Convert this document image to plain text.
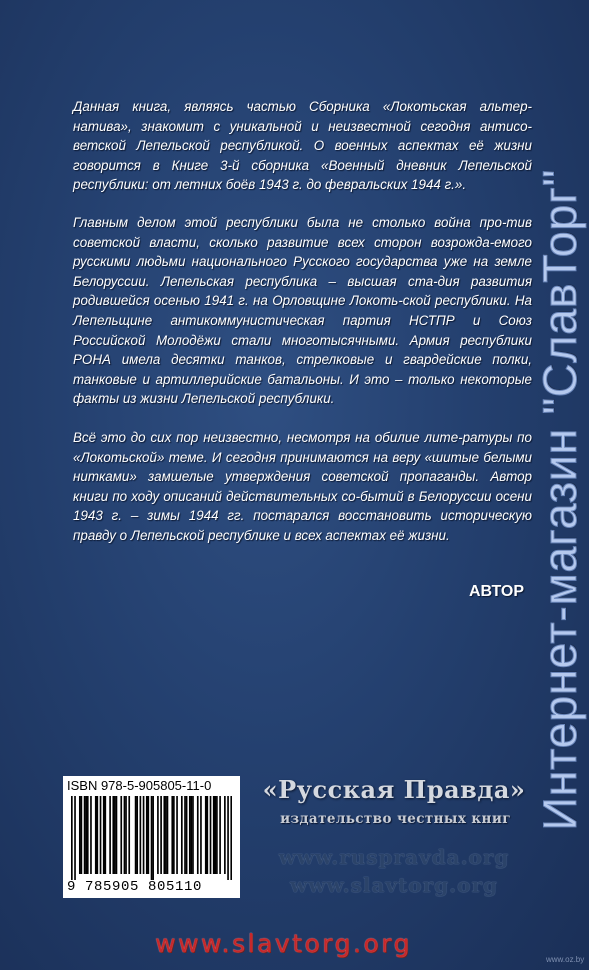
Данная книга, являясь частью Сборника «Локотьская альтер-натива», знакомит с уникальной и неизвестной сегодня антисо-ветской Лепельской республикой. О военных аспектах её жизни говорится в Книге 3-й сборника «Военный дневник Лепельской республики: от летних боёв 1943 г. до февральских 1944 г.».

Главным делом этой республики была не столько война про-тив советской власти, сколько развитие всех сторон возрожда-емого русскими людьми национального Русского государства уже на земле Белоруссии. Лепельская республика – высшая ста-дия развития родившейся осенью 1941 г. на Орловщине Локоть-ской республики. На Лепельщине антикоммунистическая партия НСТПР и Союз Российской Молодёжи стали многотысячными. Армия республики РОНА имела десятки танков, стрелковые и гвардейские полки, танковые и артиллерийские батальоны. И это – только некоторые факты из жизни Лепельской республики.

Всё это до сих пор неизвестно, несмотря на обилие лите-ратуры по «Локотьской» теме. И сегодня принимаются на веру «шитые белыми нитками» замшелые утверждения советской пропаганды. Автор книги по ходу описаний действительных со-бытий в Белоруссии осени 1943 г. – зимы 1944 гг. постарался восстановить историческую правду о Лепельской республике и всех аспектах её жизни.

АВТОР
ISBN 978-5-905805-11-0
9 785905 805110
«Русская Правда»
издательство честных книг
www.ruspravda.org
www.slavtorg.org
www.slavtorg.org
Интернет-магазин "СлавТорг"
www.oz.by
